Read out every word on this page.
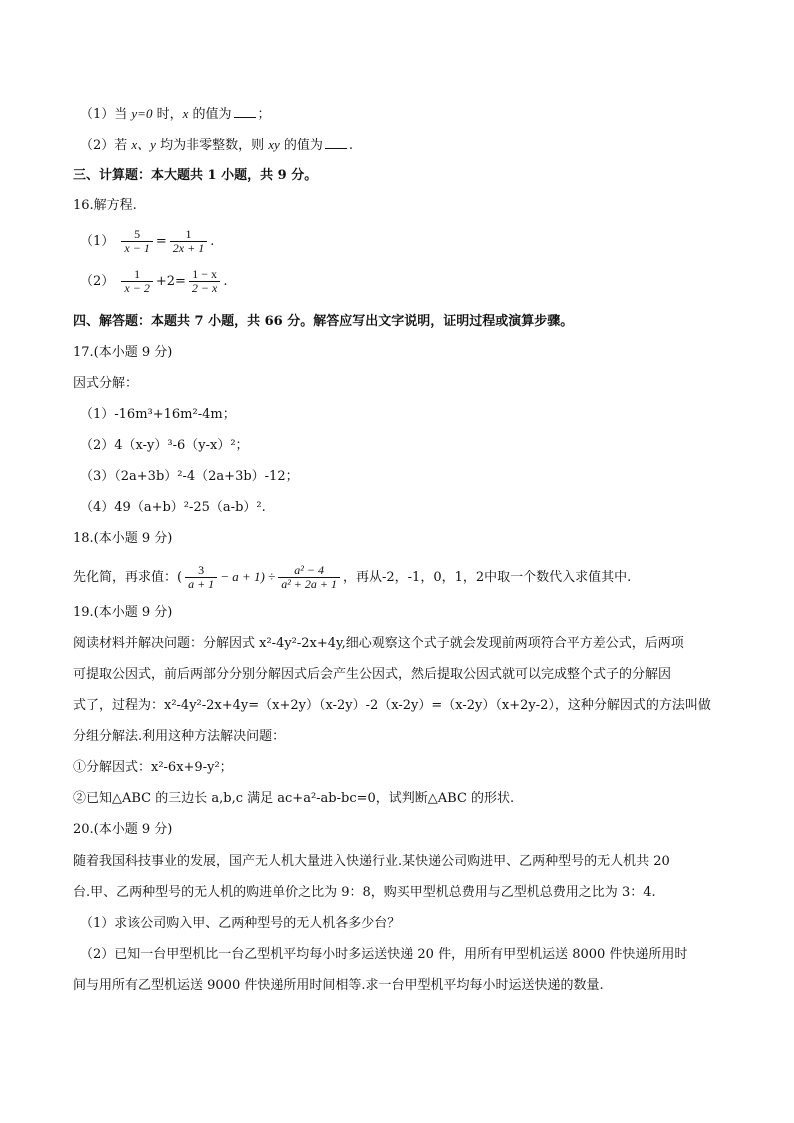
（1）当 y=0 时，x 的值为 ；
（2）若 x、y 均为非零整数，则 xy 的值为 .
三、计算题：本大题共 1 小题，共 9 分。
16.解方程.
$(1) \frac{5}{x - 1} = \frac{1}{2x + 1}$ .
$(2) \frac{1}{x - 2} +2= \frac{1 - x}{2 - x}$ .
四、解答题：本题共 7 小题，共 66 分。解答应写出文字说明，证明过程或演算步骤。
17.(本小题 9 分)
因式分解：
（1）-16m³+16m²-4m；
（2）4（x-y）³-6（y-x）²；
（3）（2a+3b）²-4（2a+3b）-12；
（4）49（a+b）²-25（a-b）².
18.(本小题 9 分)
先化简，再求值：( $\frac{3}{a + 1} - a + 1) \div \frac{\text{a² − 4}}{\text{a² + 2a + 1}}$ ，再从-2，-1，0，1，2中取一个数代入求值其中.
19.(本小题 9 分)
阅读材料并解决问题：分解因式 x²-4y²-2x+4y,细心观察这个式子就会发现前两项符合平方差公式，后两项
可提取公因式，前后两部分分别分解因式后会产生公因式，然后提取公因式就可以完成整个式子的分解因
式了，过程为：x²-4y²-2x+4y=（x+2y）（x-2y）-2（x-2y）=（x-2y）（x+2y-2），这种分解因式的方法叫做
分组分解法.利用这种方法解决问题：
①分解因式：x²-6x+9-y²；
②已知△ABC 的三边长 a,b,c 满足 ac+a²-ab-bc=0，试判断△ABC 的形状.
20.(本小题 9 分)
随着我国科技事业的发展，国产无人机大量进入快递行业.某快递公司购进甲、乙两种型号的无人机共 20
台.甲、乙两种型号的无人机的购进单价之比为 9：8，购买甲型机总费用与乙型机总费用之比为 3：4.
（1）求该公司购入甲、乙两种型号的无人机各多少台？
（2）已知一台甲型机比一台乙型机平均每小时多运送快递 20 件，用所有甲型机运送 8000 件快递所用时
间与用所有乙型机运送 9000 件快递所用时间相等.求一台甲型机平均每小时运送快递的数量.
